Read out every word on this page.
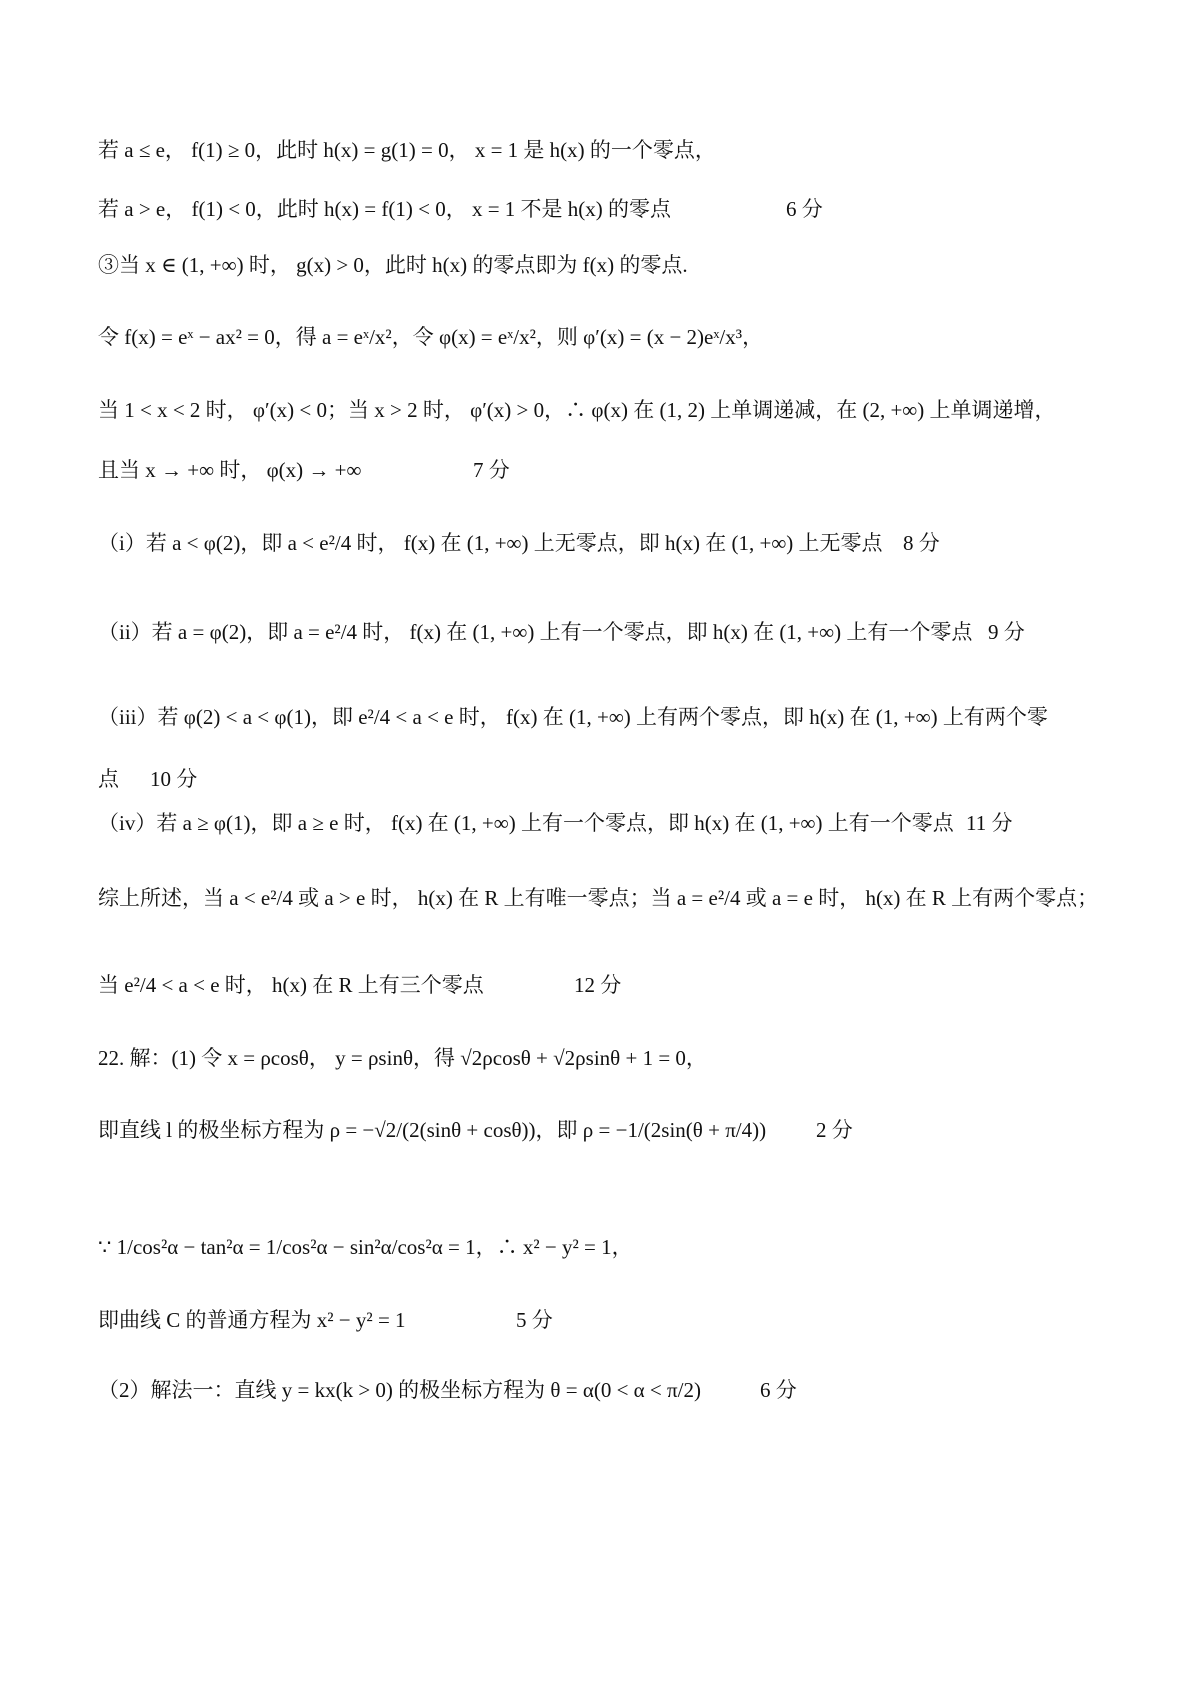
若 a ≤ e， f(1) ≥ 0，此时 h(x) = g(1) = 0， x = 1 是 h(x) 的一个零点，
若 a > e， f(1) < 0，此时 h(x) = f(1) < 0， x = 1 不是 h(x) 的零点	6 分
③当 x ∈ (1, +∞) 时， g(x) > 0，此时 h(x) 的零点即为 f(x) 的零点.
令 f(x) = eˣ − ax² = 0，得 a = eˣ/x²，令 φ(x) = eˣ/x²，则 φ′(x) = (x − 2)eˣ/x³，
当 1 < x < 2 时， φ′(x) < 0；当 x > 2 时， φ′(x) > 0，∴ φ(x) 在 (1, 2) 上单调递减，在 (2, +∞) 上单调递增，
且当 x → +∞ 时， φ(x) → +∞	7 分
（i）若 a < φ(2)，即 a < e²/4 时， f(x) 在 (1, +∞) 上无零点，即 h(x) 在 (1, +∞) 上无零点 8 分
（ii）若 a = φ(2)，即 a = e²/4 时， f(x) 在 (1, +∞) 上有一个零点，即 h(x) 在 (1, +∞) 上有一个零点 9 分
（iii）若 φ(2) < a < φ(1)，即 e²/4 < a < e 时， f(x) 在 (1, +∞) 上有两个零点，即 h(x) 在 (1, +∞) 上有两个零
点 10 分
（iv）若 a ≥ φ(1)，即 a ≥ e 时， f(x) 在 (1, +∞) 上有一个零点，即 h(x) 在 (1, +∞) 上有一个零点 11 分
综上所述，当 a < e²/4 或 a > e 时， h(x) 在 R 上有唯一零点；当 a = e²/4 或 a = e 时， h(x) 在 R 上有两个零点；
当 e²/4 < a < e 时， h(x) 在 R 上有三个零点	12 分
22. 解：(1) 令 x = ρcosθ， y = ρsinθ，得 √2ρcosθ + √2ρsinθ + 1 = 0，
即直线 l 的极坐标方程为 ρ = −√2/(2(sinθ + cosθ))，即 ρ = −1/(2sin(θ + π/4)) 2 分
∵ 1/cos²α − tan²α = 1/cos²α − sin²α/cos²α = 1，∴ x² − y² = 1，
即曲线 C 的普通方程为 x² − y² = 1	5 分
（2）解法一：直线 y = kx(k > 0) 的极坐标方程为 θ = α(0 < α < π/2)	6 分
